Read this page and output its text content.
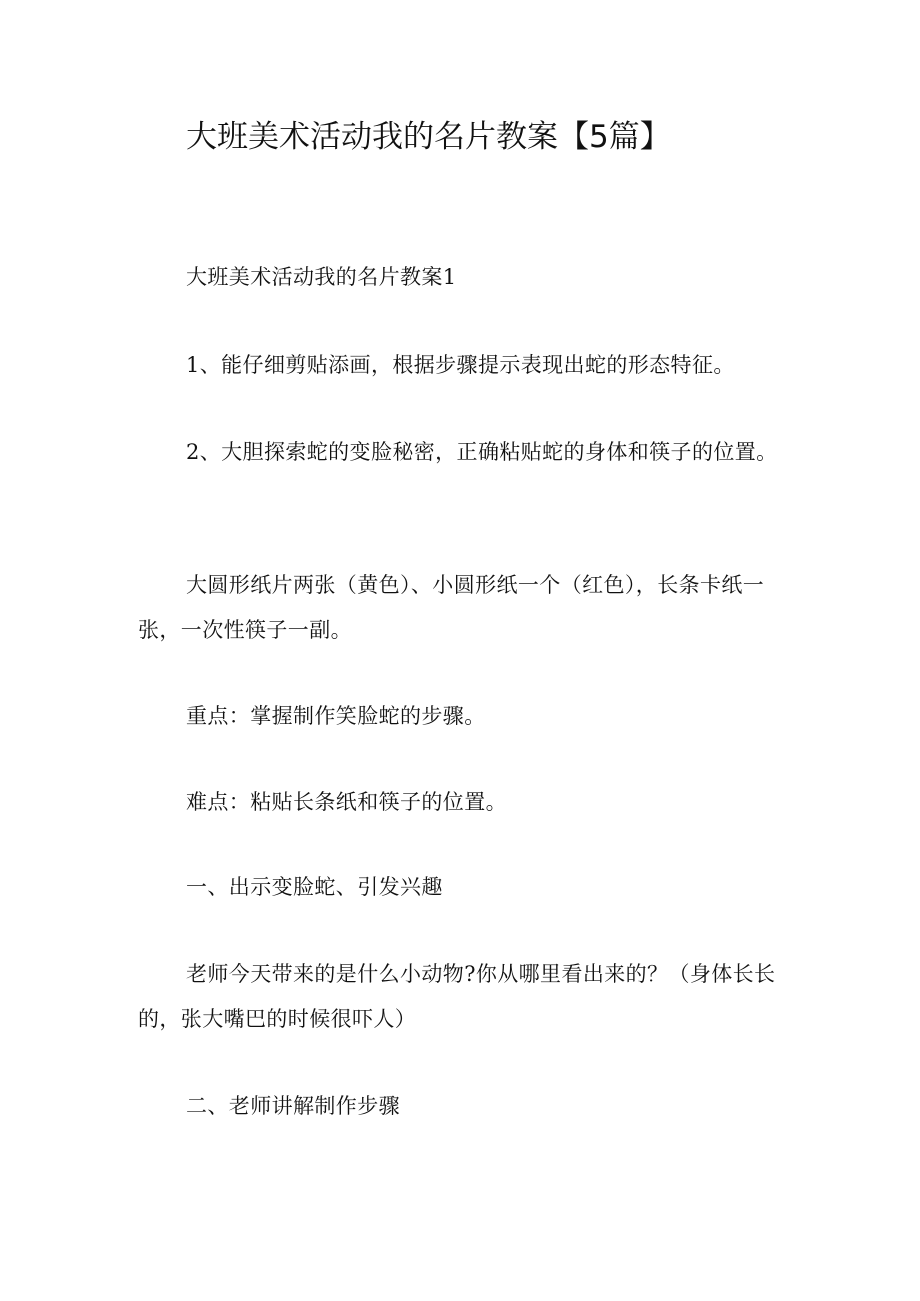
大班美术活动我的名片教案【5篇】

大班美术活动我的名片教案1

1、能仔细剪贴添画，根据步骤提示表现出蛇的形态特征。

2、大胆探索蛇的变脸秘密，正确粘贴蛇的身体和筷子的位置。

大圆形纸片两张（黄色）、小圆形纸一个（红色），长条卡纸一张，一次性筷子一副。

重点：掌握制作笑脸蛇的步骤。

难点：粘贴长条纸和筷子的位置。

一、出示变脸蛇、引发兴趣

老师今天带来的是什么小动物?你从哪里看出来的？（身体长长的，张大嘴巴的时候很吓人）

二、老师讲解制作步骤
